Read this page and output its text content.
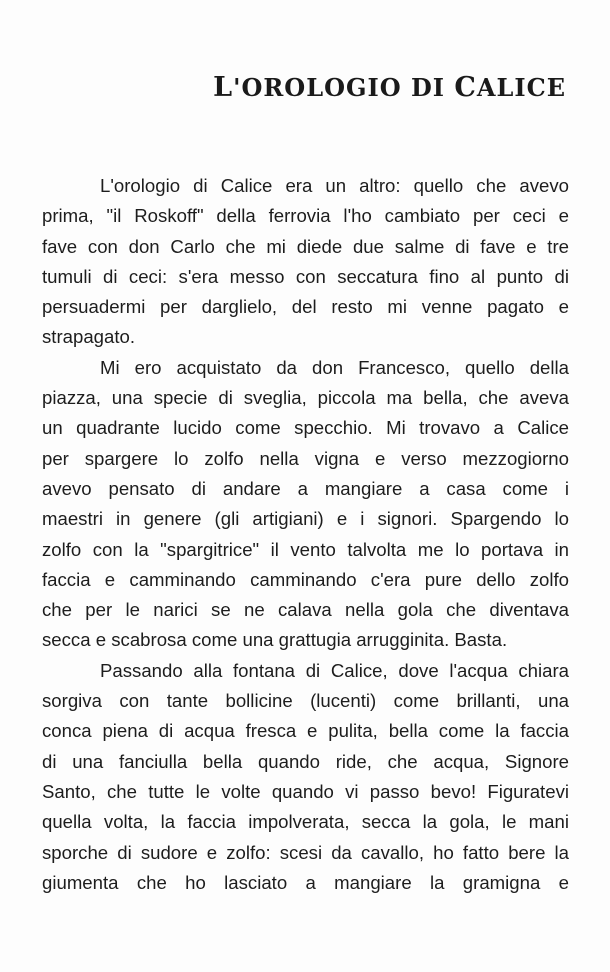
L'OROLOGIO DI CALICE

L'orologio di Calice era un altro: quello che avevo
prima, "il Roskoff" della ferrovia l'ho cambiato per ceci e
fave con don Carlo che mi diede due salme di fave e tre
tumuli di ceci: s'era messo con seccatura fino al punto di
persuadermi per darglielo, del resto mi venne pagato e
strapagato.

Mi ero acquistato da don Francesco, quello della
piazza, una specie di sveglia, piccola ma bella, che aveva
un quadrante lucido come specchio. Mi trovavo a Calice
per spargere lo zolfo nella vigna e verso mezzogiorno
avevo pensato di andare a mangiare a casa come i
maestri in genere (gli artigiani) e i signori. Spargendo lo
zolfo con la "spargitrice" il vento talvolta me lo portava in
faccia e camminando camminando c'era pure dello zolfo
che per le narici se ne calava nella gola che diventava
secca e scabrosa come una grattugia arrugginita. Basta.

Passando alla fontana di Calice, dove l'acqua chiara
sorgiva con tante bollicine (lucenti) come brillanti, una
conca piena di acqua fresca e pulita, bella come la faccia
di una fanciulla bella quando ride, che acqua, Signore
Santo, che tutte le volte quando vi passo bevo! Figuratevi
quella volta, la faccia impolverata, secca la gola, le mani
sporche di sudore e zolfo: scesi da cavallo, ho fatto bere la
giumenta che ho lasciato a mangiare la gramigna e
